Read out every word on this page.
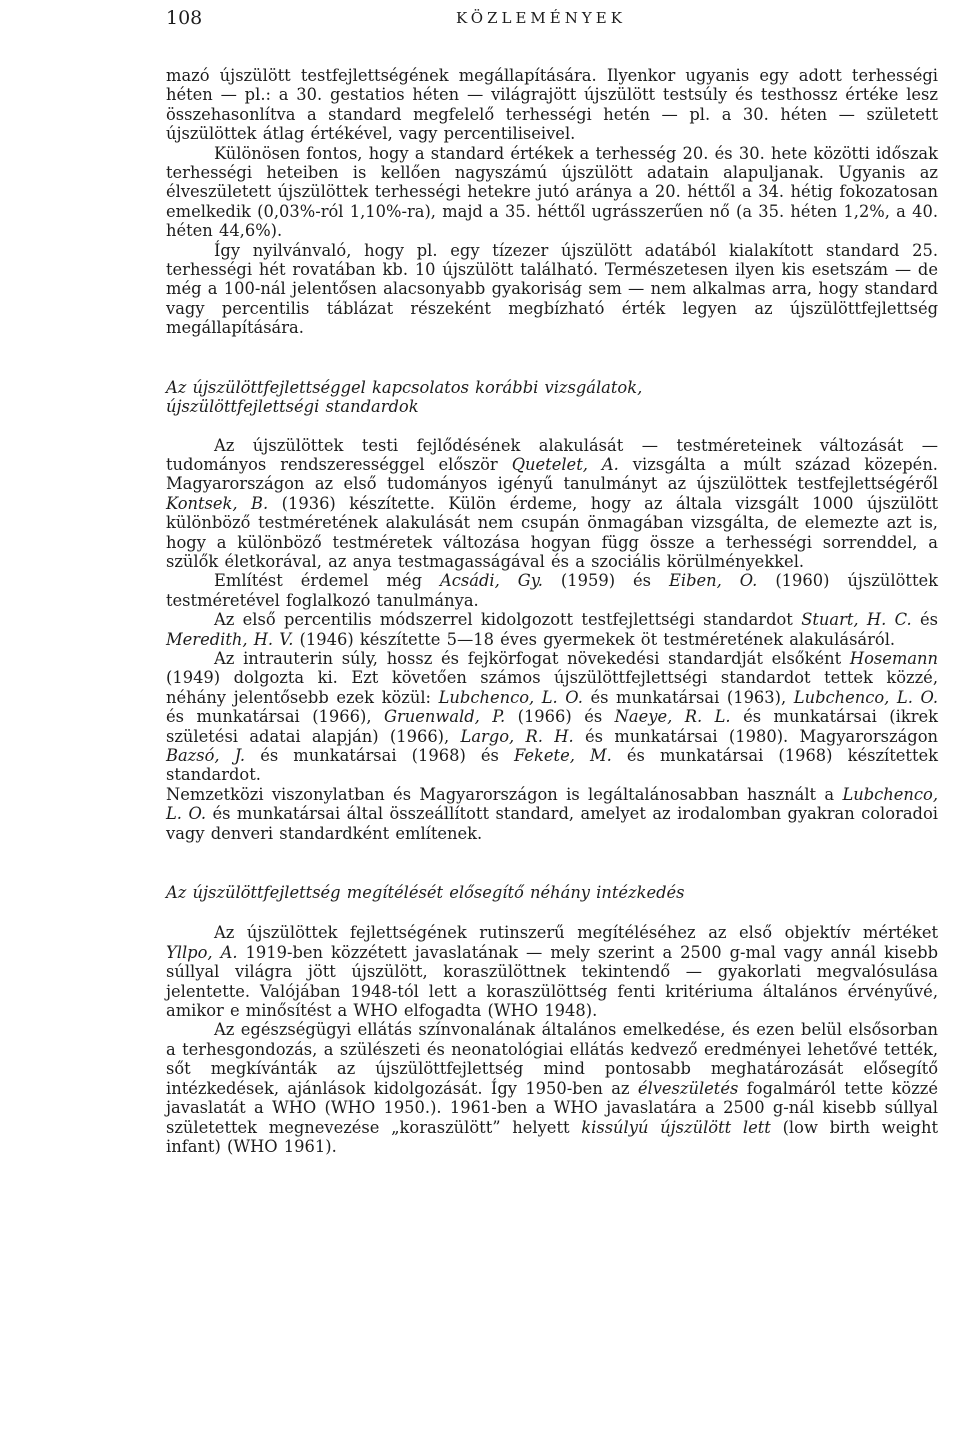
108	KÖZLEMÉNYEK

mazó újszülött testfejlettségének megállapítására. Ilyenkor ugyanis egy adott terhességi héten — pl.: a 30. gestatios héten — világrajött újszülött testsúly és testhossz értéke lesz összehasonlítva a standard megfelelő terhességi hetén — pl. a 30. héten — született újszülöttek átlag értékével, vagy percentiliseivel.

Különösen fontos, hogy a standard értékek a terhesség 20. és 30. hete közötti időszak terhességi heteiben is kellően nagyszámú újszülött adatain alapuljanak. Ugyanis az élveszületett újszülöttek terhességi hetekre jutó aránya a 20. héttől a 34. hétig fokozatosan emelkedik (0,03%-ról 1,10%-ra), majd a 35. héttől ugrásszerűen nő (a 35. héten 1,2%, a 40. héten 44,6%).

Így nyilvánvaló, hogy pl. egy tízezer újszülött adatából kialakított standard 25. terhességi hét rovatában kb. 10 újszülött található. Természetesen ilyen kis esetszám — de még a 100-nál jelentősen alacsonyabb gyakoriság sem — nem alkalmas arra, hogy standard vagy percentilis táblázat részeként megbízható érték legyen az újszülöttfejlettség megállapítására.

Az újszülöttfejlettséggel kapcsolatos korábbi vizsgálatok,
újszülöttfejlettségi standardok

Az újszülöttek testi fejlődésének alakulását — testméreteinek változását — tudományos rendszerességgel először Quetelet, A. vizsgálta a múlt század közepén. Magyarországon az első tudományos igényű tanulmányt az újszülöttek testfejlettségéről Kontsek, B. (1936) készítette. Külön érdeme, hogy az általa vizsgált 1000 újszülött különböző testméretének alakulását nem csupán önmagában vizsgálta, de elemezte azt is, hogy a különböző testméretek változása hogyan függ össze a terhességi sorrenddel, a szülők életkorával, az anya testmagasságával és a szociális körülményekkel.

Említést érdemel még Acsádi, Gy. (1959) és Eiben, O. (1960) újszülöttek testméretével foglalkozó tanulmánya.

Az első percentilis módszerrel kidolgozott testfejlettségi standardot Stuart, H. C. és Meredith, H. V. (1946) készítette 5—18 éves gyermekek öt testméretének alakulásáról.

Az intrauterin súly, hossz és fejkörfogat növekedési standardját elsőként Hosemann (1949) dolgozta ki. Ezt követően számos újszülöttfejlettségi standardot tettek közzé, néhány jelentősebb ezek közül: Lubchenco, L. O. és munkatársai (1963), Lubchenco, L. O. és munkatársai (1966), Gruenwald, P. (1966) és Naeye, R. L. és munkatársai (ikrek születési adatai alapján) (1966), Largo, R. H. és munkatársai (1980). Magyarországon Bazsó, J. és munkatársai (1968) és Fekete, M. és munkatársai (1968) készítettek standardot.

Nemzetközi viszonylatban és Magyarországon is legáltalánosabban használt a Lubchenco, L. O. és munkatársai által összeállított standard, amelyet az irodalomban gyakran coloradoi vagy denveri standardként említenek.

Az újszülöttfejlettség megítélését elősegítő néhány intézkedés

Az újszülöttek fejlettségének rutinszerű megítéléséhez az első objektív mértéket Yllpo, A. 1919-ben közzétett javaslatának — mely szerint a 2500 g-mal vagy annál kisebb súllyal világra jött újszülött, koraszülöttnek tekintendő — gyakorlati megvalósulása jelentette. Valójában 1948-tól lett a koraszülöttség fenti kritériuma általános érvényűvé, amikor e minősítést a WHO elfogadta (WHO 1948).

Az egészségügyi ellátás színvonalának általános emelkedése, és ezen belül elsősorban a terhesgondozás, a szülészeti és neonatológiai ellátás kedvező eredményei lehetővé tették, sőt megkívánták az újszülöttfejlettség mind pontosabb meghatározását elősegítő intézkedések, ajánlások kidolgozását. Így 1950-ben az élveszületés fogalmáról tette közzé javaslatát a WHO (WHO 1950.). 1961-ben a WHO javaslatára a 2500 g-nál kisebb súllyal születettek megnevezése „koraszülött” helyett kissúlyú újszülött lett (low birth weight infant) (WHO 1961).
